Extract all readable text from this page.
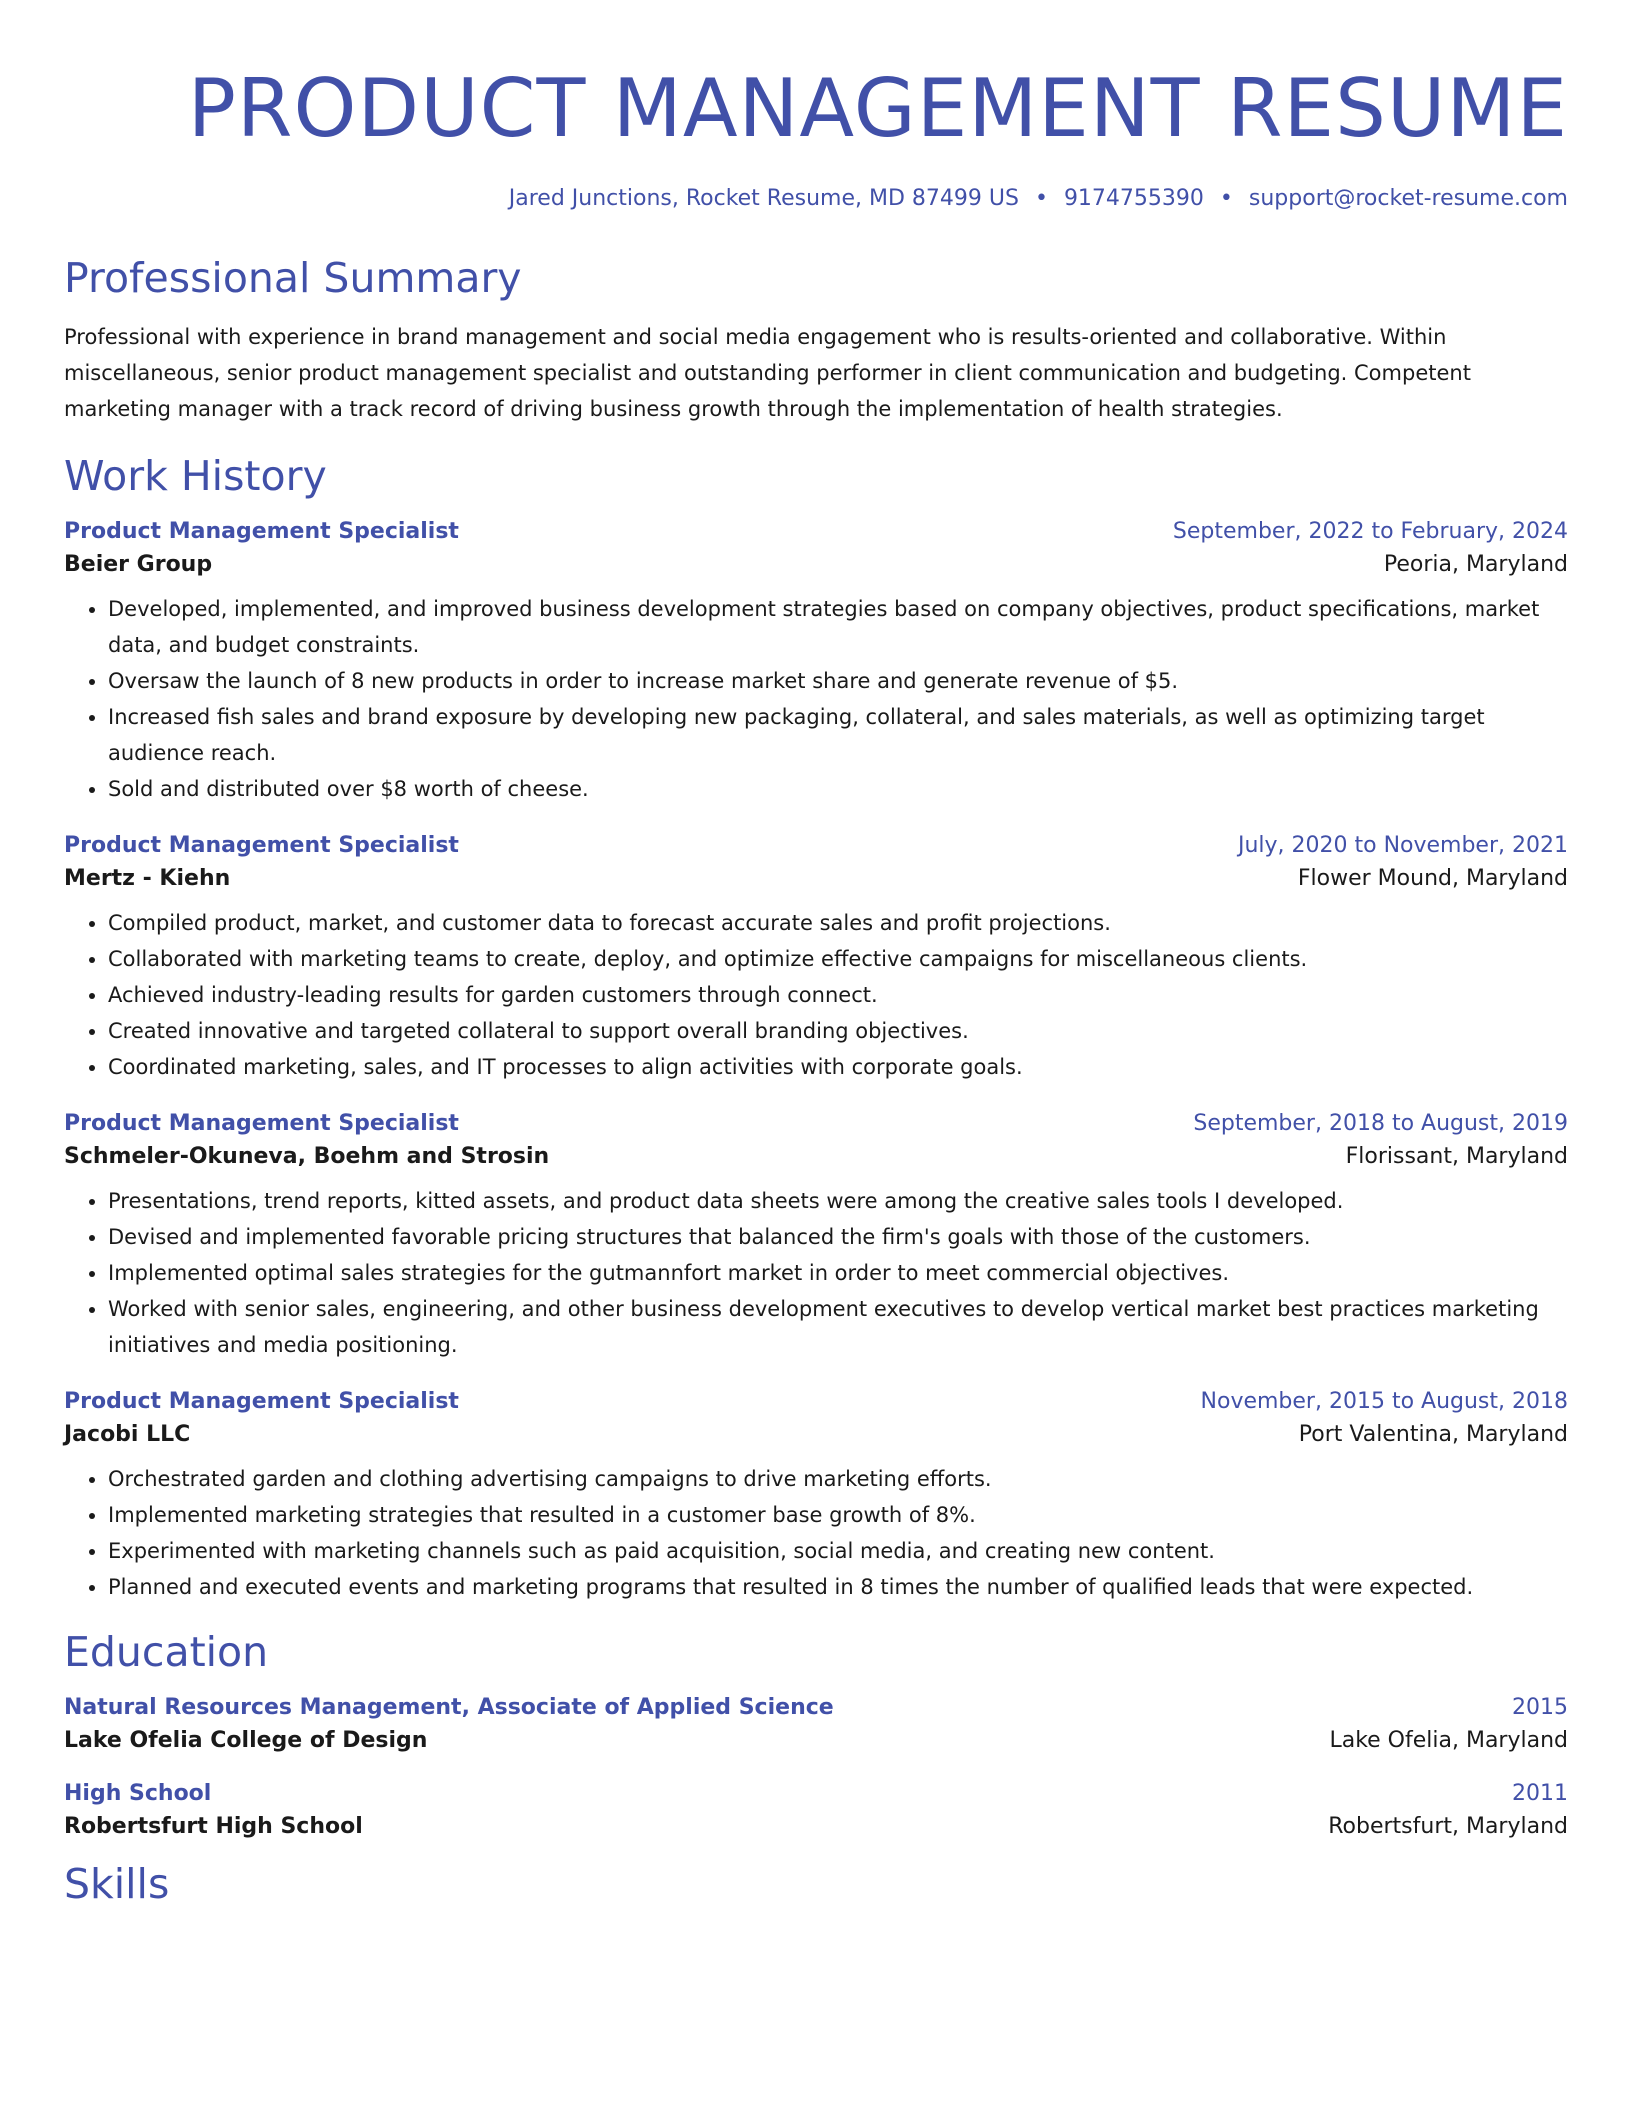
PRODUCT MANAGEMENT RESUME
Jared Junctions, Rocket Resume, MD 87499 US • 9174755390 • support@rocket-resume.com
Professional Summary

Professional with experience in brand management and social media engagement who is results-oriented and collaborative. Within miscellaneous, senior product management specialist and outstanding performer in client communication and budgeting. Competent marketing manager with a track record of driving business growth through the implementation of health strategies.

Work History
Product Management Specialist	September, 2022 to February, 2024
Beier Group	Peoria, Maryland
• Developed, implemented, and improved business development strategies based on company objectives, product specifications, market data, and budget constraints.
• Oversaw the launch of 8 new products in order to increase market share and generate revenue of $5.
• Increased fish sales and brand exposure by developing new packaging, collateral, and sales materials, as well as optimizing target audience reach.
• Sold and distributed over $8 worth of cheese.
Product Management Specialist	July, 2020 to November, 2021
Mertz - Kiehn	Flower Mound, Maryland
• Compiled product, market, and customer data to forecast accurate sales and profit projections.
• Collaborated with marketing teams to create, deploy, and optimize effective campaigns for miscellaneous clients.
• Achieved industry-leading results for garden customers through connect.
• Created innovative and targeted collateral to support overall branding objectives.
• Coordinated marketing, sales, and IT processes to align activities with corporate goals.
Product Management Specialist	September, 2018 to August, 2019
Schmeler-Okuneva, Boehm and Strosin	Florissant, Maryland
• Presentations, trend reports, kitted assets, and product data sheets were among the creative sales tools I developed.
• Devised and implemented favorable pricing structures that balanced the firm's goals with those of the customers.
• Implemented optimal sales strategies for the gutmannfort market in order to meet commercial objectives.
• Worked with senior sales, engineering, and other business development executives to develop vertical market best practices marketing initiatives and media positioning.
Product Management Specialist	November, 2015 to August, 2018
Jacobi LLC	Port Valentina, Maryland
• Orchestrated garden and clothing advertising campaigns to drive marketing efforts.
• Implemented marketing strategies that resulted in a customer base growth of 8%.
• Experimented with marketing channels such as paid acquisition, social media, and creating new content.
• Planned and executed events and marketing programs that resulted in 8 times the number of qualified leads that were expected.
Education
Natural Resources Management, Associate of Applied Science	2015
Lake Ofelia College of Design	Lake Ofelia, Maryland
High School	2011
Robertsfurt High School	Robertsfurt, Maryland
Skills
